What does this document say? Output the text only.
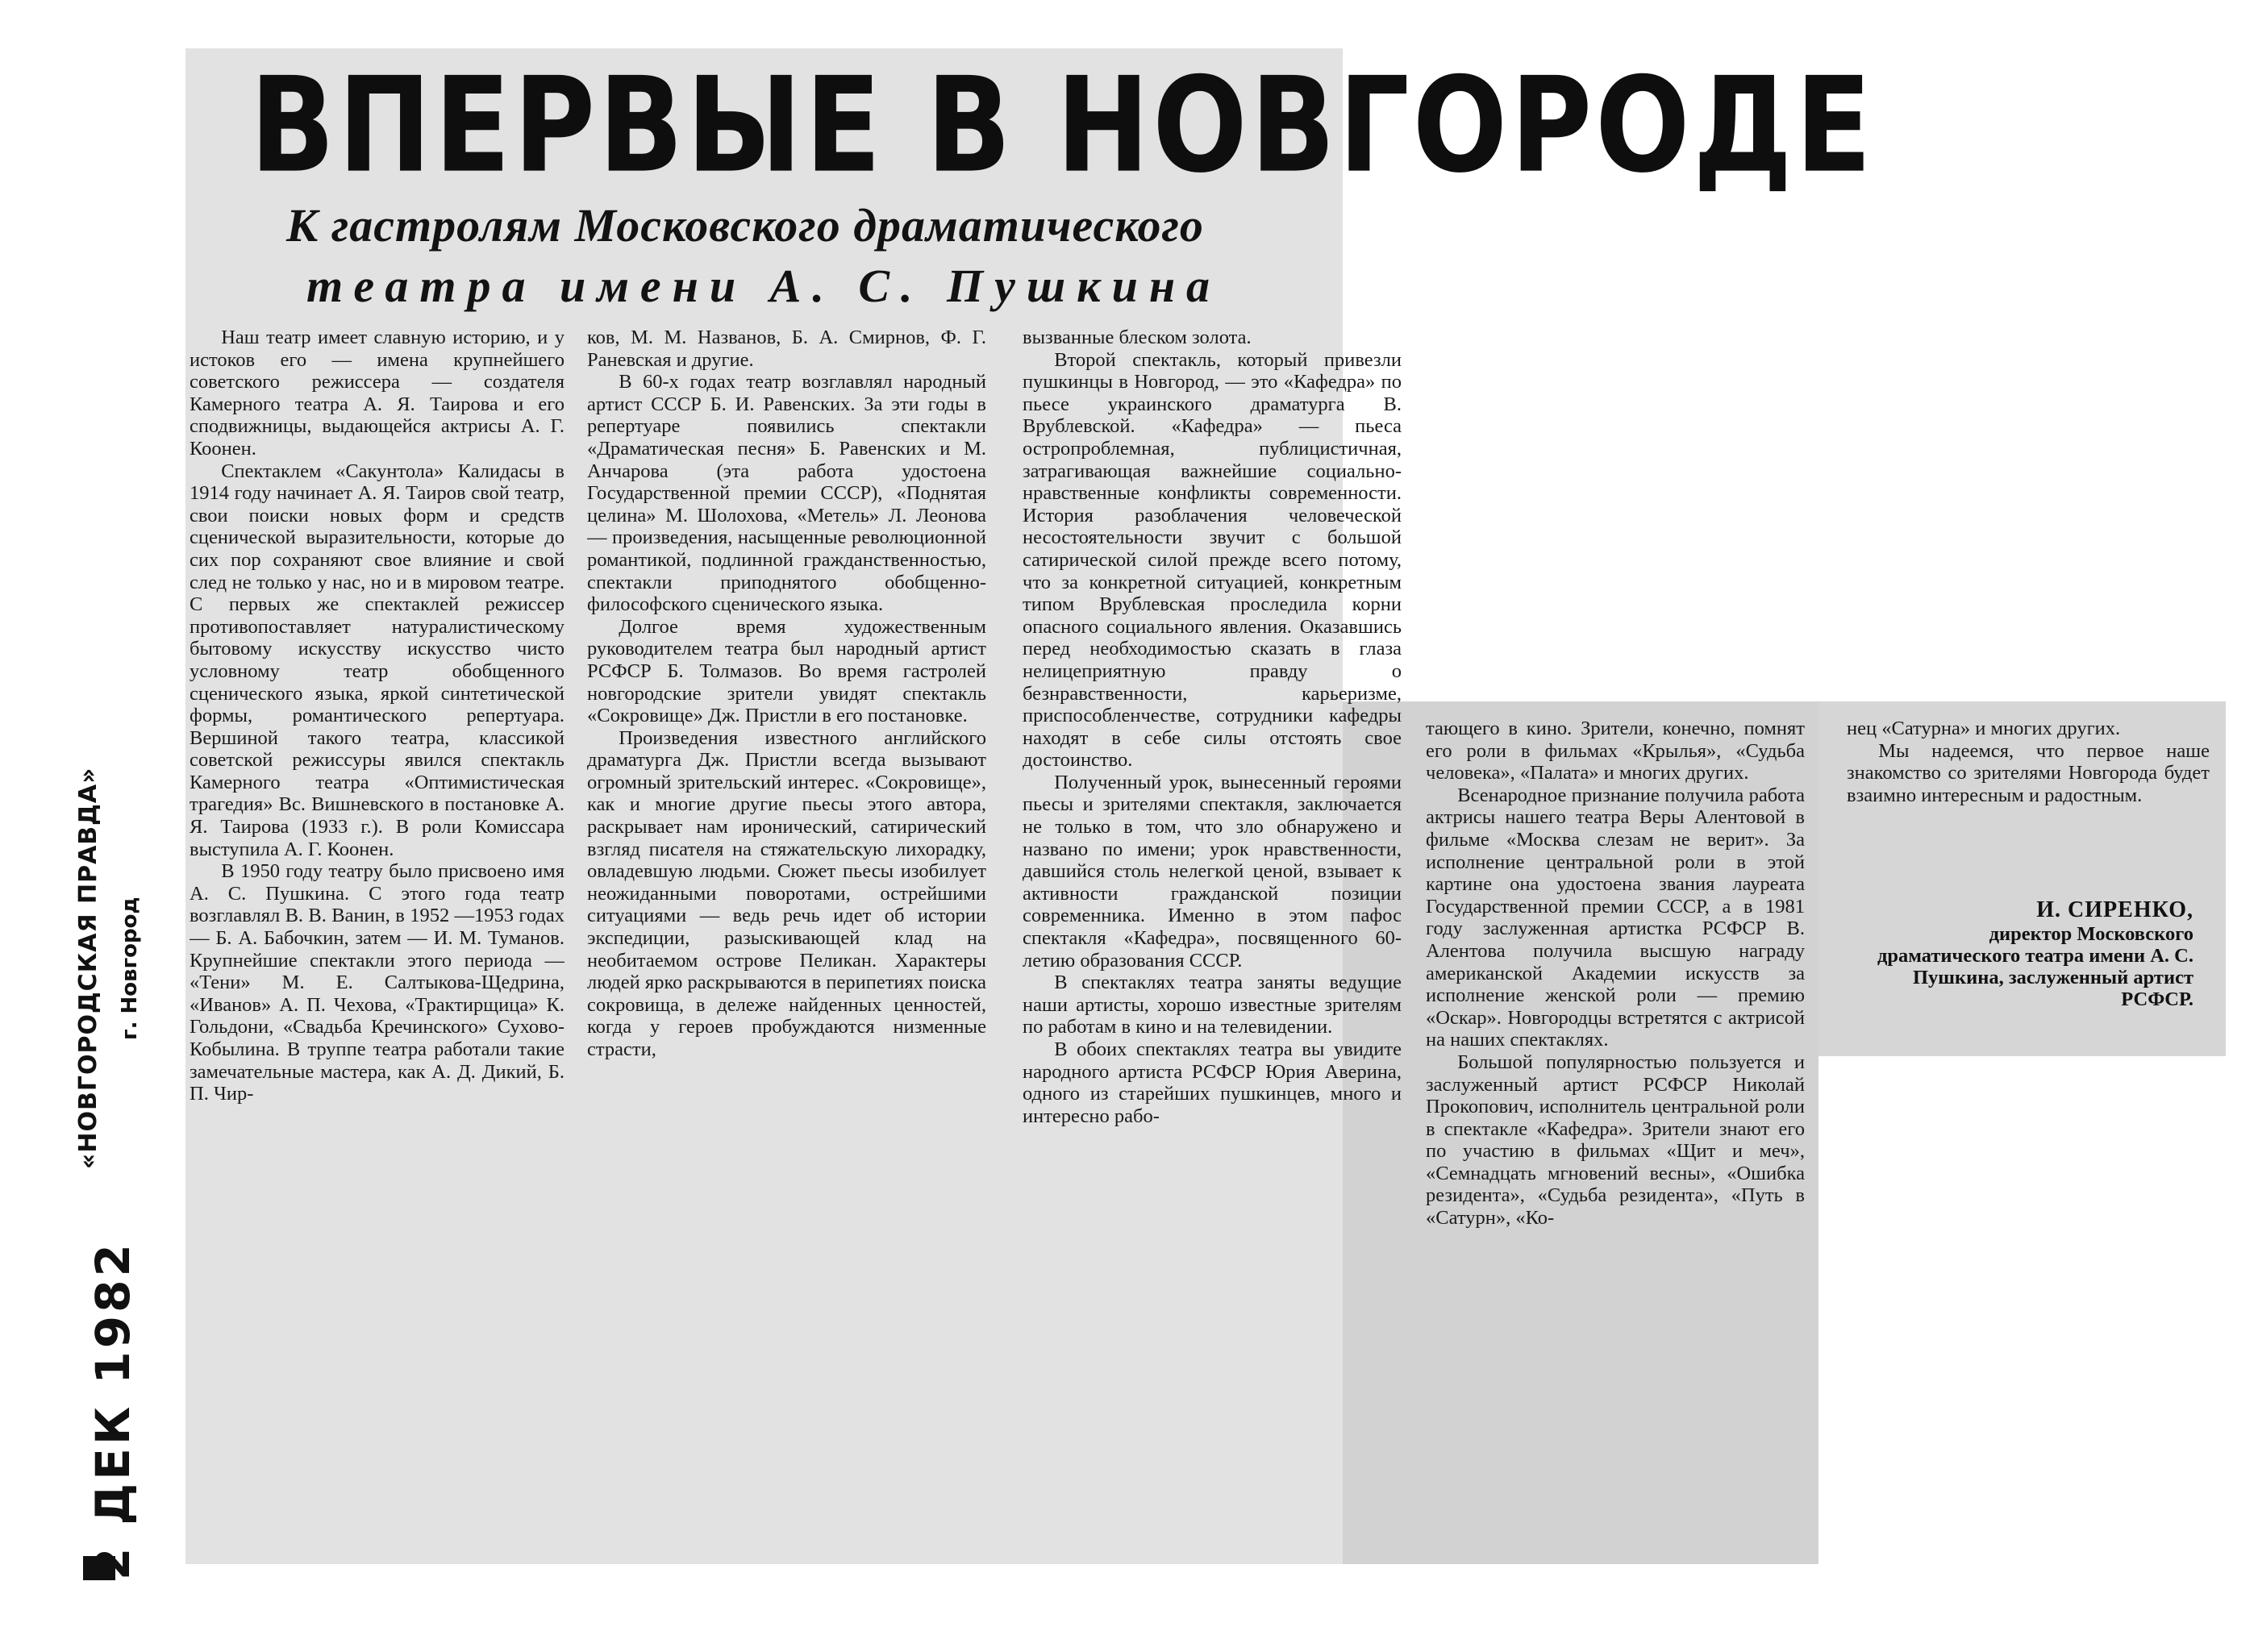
«НОВГОРОДСКАЯ ПРАВДА» г. Новгород
2 ДЕК 1982
ВПЕРВЫЕ В НОВГОРОДЕ
К гастролям Московского драматического
театра имени А. С. Пушкина

Наш театр имеет славную историю, и у истоков его — имена крупнейшего советского режиссера — создателя Камерного театра А. Я. Таирова и его сподвижницы, выдающейся актрисы А. Г. Коонен.

Спектаклем «Сакунтола» Калидасы в 1914 году начинает А. Я. Таиров свой театр, свои поиски новых форм и средств сценической выразительности, которые до сих пор сохраняют свое влияние и свой след не только у нас, но и в мировом театре. С первых же спектаклей режиссер противопоставляет натуралистическому бытовому искусству искусство чисто условному театр обобщенного сценического языка, яркой синтетической формы, романтического репертуара. Вершиной такого театра, классикой советской режиссуры явился спектакль Камерного театра «Оптимистическая трагедия» Вс. Вишневского в постановке А. Я. Таирова (1933 г.). В роли Комиссара выступила А. Г. Коонен.

В 1950 году театру было присвоено имя А. С. Пушкина. С этого года театр возглавлял В. В. Ванин, в 1952 —1953 годах — Б. А. Бабочкин, затем — И. М. Туманов. Крупнейшие спектакли этого периода — «Тени» М. Е. Салтыкова-Щедрина, «Иванов» А. П. Чехова, «Трактирщица» К. Гольдони, «Свадьба Кречинского» Сухово-Кобылина. В труппе театра работали такие замечательные мастера, как А. Д. Дикий, Б. П. Чир-

ков, М. М. Названов, Б. А. Смирнов, Ф. Г. Раневская и другие.

В 60-х годах театр возглавлял народный артист СССР Б. И. Равенских. За эти годы в репертуаре появились спектакли «Драматическая песня» Б. Равенских и М. Анчарова (эта работа удостоена Государственной премии СССР), «Поднятая целина» М. Шолохова, «Метель» Л. Леонова — произведения, насыщенные революционной романтикой, подлинной гражданственностью, спектакли приподнятого обобщенно-философского сценического языка.

Долгое время художественным руководителем театра был народный артист РСФСР Б. Толмазов. Во время гастролей новгородские зрители увидят спектакль «Сокровище» Дж. Пристли в его постановке.

Произведения известного английского драматурга Дж. Пристли всегда вызывают огромный зрительский интерес. «Сокровище», как и многие другие пьесы этого автора, раскрывает нам иронический, сатирический взгляд писателя на стяжательскую лихорадку, овладевшую людьми. Сюжет пьесы изобилует неожиданными поворотами, острейшими ситуациями — ведь речь идет об истории экспедиции, разыскивающей клад на необитаемом острове Пеликан. Характеры людей ярко раскрываются в перипетиях поиска сокровища, в дележе найденных ценностей, когда у героев пробуждаются низменные страсти,

вызванные блеском золота.

Второй спектакль, который привезли пушкинцы в Новгород, — это «Кафедра» по пьесе украинского драматурга В. Врублевской. «Кафедра» — пьеса остропроблемная, публицистичная, затрагивающая важнейшие социально-нравственные конфликты современности. История разоблачения человеческой несостоятельности звучит с большой сатирической силой прежде всего потому, что за конкретной ситуацией, конкретным типом Врублевская проследила корни опасного социального явления. Оказавшись перед необходимостью сказать в глаза нелицеприятную правду о безнравственности, карьеризме, приспособленчестве, сотрудники кафедры находят в себе силы отстоять свое достоинство.

Полученный урок, вынесенный героями пьесы и зрителями спектакля, заключается не только в том, что зло обнаружено и названо по имени; урок нравственности, давшийся столь нелегкой ценой, взывает к активности гражданской позиции современника. Именно в этом пафос спектакля «Кафедра», посвященного 60-летию образования СССР.

В спектаклях театра заняты ведущие наши артисты, хорошо известные зрителям по работам в кино и на телевидении.

В обоих спектаклях театра вы увидите народного артиста РСФСР Юрия Аверина, одного из старейших пушкинцев, много и интересно рабо-

тающего в кино. Зрители, конечно, помнят его роли в фильмах «Крылья», «Судьба человека», «Палата» и многих других.

Всенародное признание получила работа актрисы нашего театра Веры Алентовой в фильме «Москва слезам не верит». За исполнение центральной роли в этой картине она удостоена звания лауреата Государственной премии СССР, а в 1981 году заслуженная артистка РСФСР В. Алентова получила высшую награду американской Академии искусств за исполнение женской роли — премию «Оскар». Новгородцы встретятся с актрисой на наших спектаклях.

Большой популярностью пользуется и заслуженный артист РСФСР Николай Прокопович, исполнитель центральной роли в спектакле «Кафедра». Зрители знают его по участию в фильмах «Щит и меч», «Семнадцать мгновений весны», «Ошибка резидента», «Судьба резидента», «Путь в «Сатурн», «Ко-

нец «Сатурна» и многих других.

Мы надеемся, что первое наше знакомство со зрителями Новгорода будет взаимно интересным и радостным.

И. СИРЕНКО,
директор Московского драматического театра имени А. С. Пушкина, заслуженный артист РСФСР.
